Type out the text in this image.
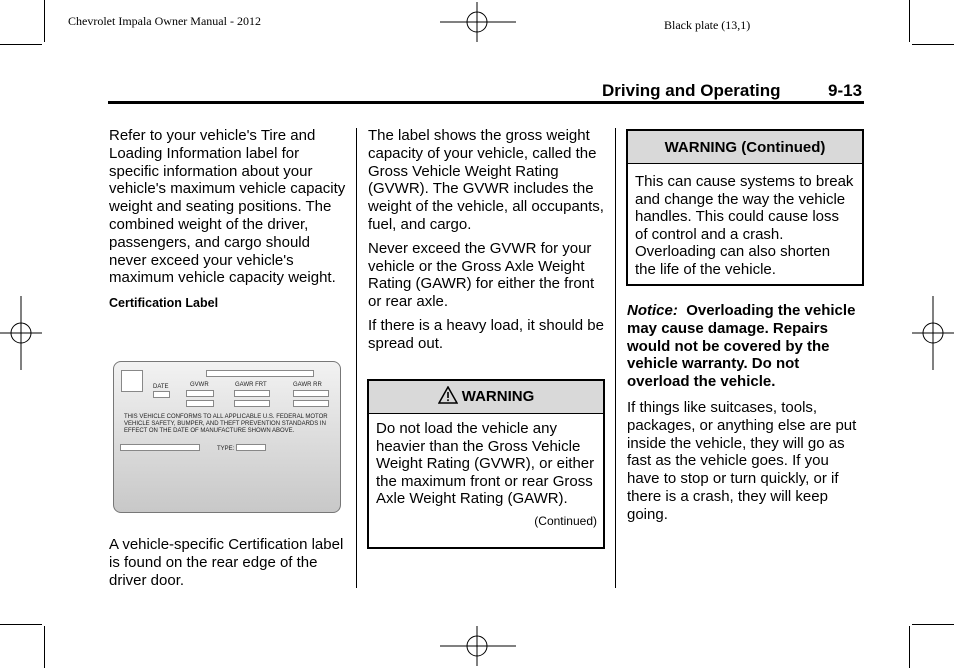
Chevrolet Impala Owner Manual - 2012	Black plate (13,1)
Driving and Operating	9-13

Refer to your vehicle's Tire and Loading Information label for specific information about your vehicle's maximum vehicle capacity weight and seating positions. The combined weight of the driver, passengers, and cargo should never exceed your vehicle's maximum vehicle capacity weight.

Certification Label
DATE	GVWR	GAWR FRT	GAWR RR
THIS VEHICLE CONFORMS TO ALL APPLICABLE U.S. FEDERAL MOTOR VEHICLE SAFETY, BUMPER, AND THEFT PREVENTION STANDARDS IN EFFECT ON THE DATE OF MANUFACTURE SHOWN ABOVE.
TYPE:

A vehicle-specific Certification label is found on the rear edge of the driver door.

The label shows the gross weight capacity of your vehicle, called the Gross Vehicle Weight Rating (GVWR). The GVWR includes the weight of the vehicle, all occupants, fuel, and cargo.

Never exceed the GVWR for your vehicle or the Gross Axle Weight Rating (GAWR) for either the front or rear axle.

If there is a heavy load, it should be spread out.

WARNING
Do not load the vehicle any heavier than the Gross Vehicle Weight Rating (GVWR), or either the maximum front or rear Gross Axle Weight Rating (GAWR).
(Continued)
WARNING (Continued)
This can cause systems to break and change the way the vehicle handles. This could cause loss of control and a crash. Overloading can also shorten the life of the vehicle.

Notice: Overloading the vehicle may cause damage. Repairs would not be covered by the vehicle warranty. Do not overload the vehicle.

If things like suitcases, tools, packages, or anything else are put inside the vehicle, they will go as fast as the vehicle goes. If you have to stop or turn quickly, or if there is a crash, they will keep going.
